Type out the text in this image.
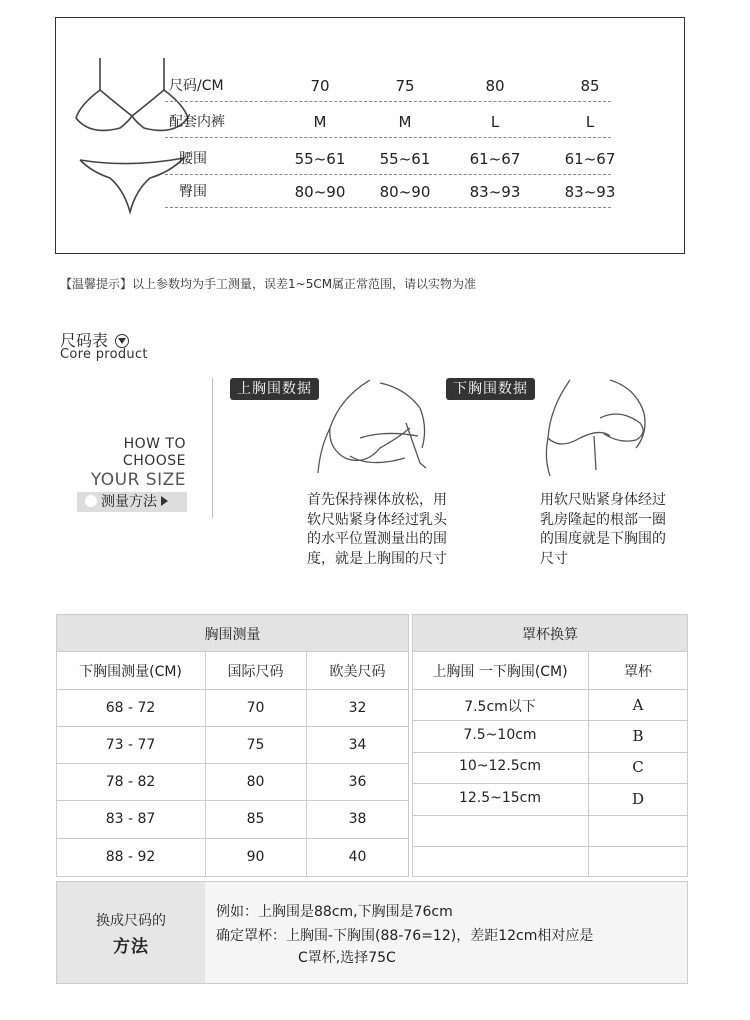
尺码/CM	70	75	80	85
配套内裤	M	M	L	L
腰围	55~61	55~61	61~67	61~67
臀围	80~90	80~90	83~93	83~93
【温馨提示】以上参数均为手工测量，误差1~5CM属正常范围，请以实物为准
尺码表
Core product
HOW TO
CHOOSE
YOUR SIZE
测量方法
上胸围数据
首先保持裸体放松，用
软尺贴紧身体经过乳头
的水平位置测量出的围
度，就是上胸围的尺寸
下胸围数据
用软尺贴紧身体经过
乳房隆起的根部一圈
的围度就是下胸围的
尺寸
胸围测量
下胸围测量(CM)	国际尺码	欧美尺码
68 - 72	70	32
73 - 77	75	34
78 - 82	80	36
83 - 87	85	38
88 - 92	90	40
罩杯换算
上胸围 一下胸围(CM)	罩杯
7.5cm以下	A
7.5~10cm	B
10~12.5cm	C
12.5~15cm	D
换成尺码的
方法
例如：上胸围是88cm,下胸围是76cm
确定罩杯：上胸围-下胸围(88-76=12)，差距12cm相对应是
C罩杯,选择75C
